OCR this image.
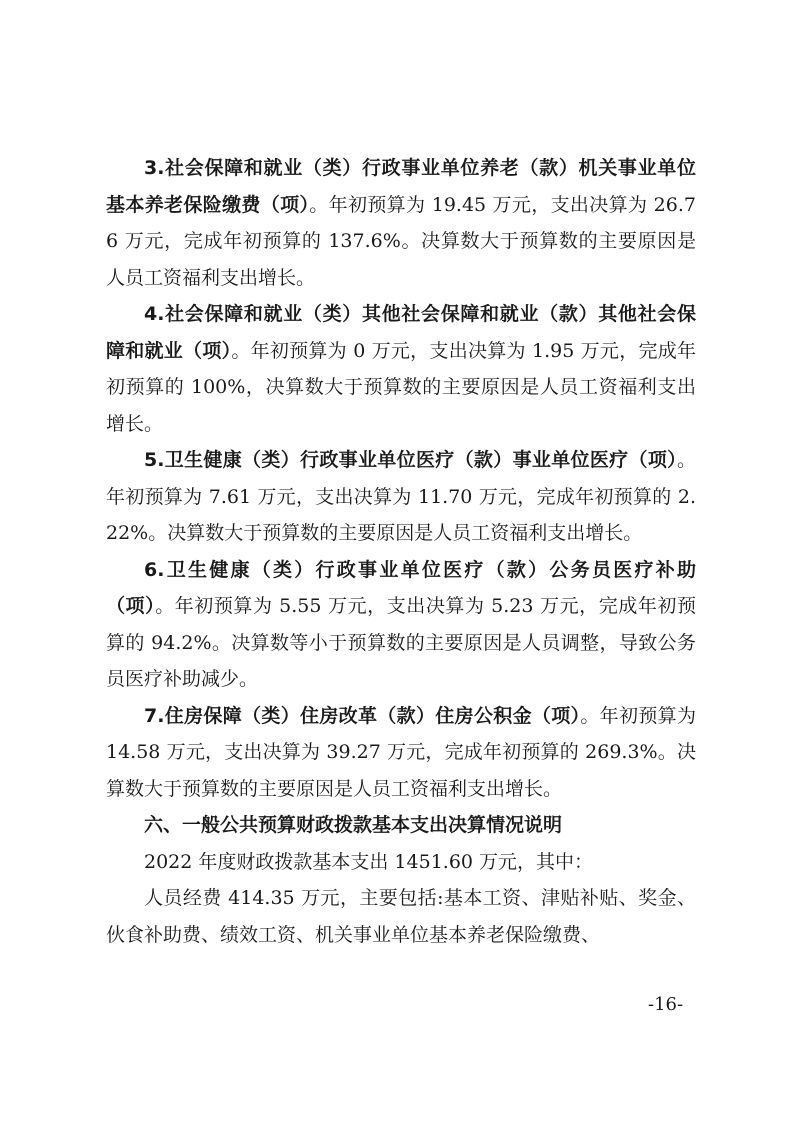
3.社会保障和就业（类）行政事业单位养老（款）机关事业单位基本养老保险缴费（项）。年初预算为 19.45 万元，支出决算为 26.76 万元，完成年初预算的 137.6%。决算数大于预算数的主要原因是人员工资福利支出增长。

4.社会保障和就业（类）其他社会保障和就业（款）其他社会保障和就业（项）。年初预算为 0 万元，支出决算为 1.95 万元，完成年初预算的 100%，决算数大于预算数的主要原因是人员工资福利支出增长。

5.卫生健康（类）行政事业单位医疗（款）事业单位医疗（项）。年初预算为 7.61 万元，支出决算为 11.70 万元，完成年初预算的 2.22%。决算数大于预算数的主要原因是人员工资福利支出增长。

6.卫生健康（类）行政事业单位医疗（款）公务员医疗补助（项）。年初预算为 5.55 万元，支出决算为 5.23 万元，完成年初预算的 94.2%。决算数等小于预算数的主要原因是人员调整，导致公务员医疗补助减少。

7.住房保障（类）住房改革（款）住房公积金（项）。年初预算为 14.58 万元，支出决算为 39.27 万元，完成年初预算的 269.3%。决算数大于预算数的主要原因是人员工资福利支出增长。

六、一般公共预算财政拨款基本支出决算情况说明

2022 年度财政拨款基本支出 1451.60 万元，其中：

人员经费 414.35 万元，主要包括:基本工资、津贴补贴、奖金、伙食补助费、绩效工资、机关事业单位基本养老保险缴费、

-16-
